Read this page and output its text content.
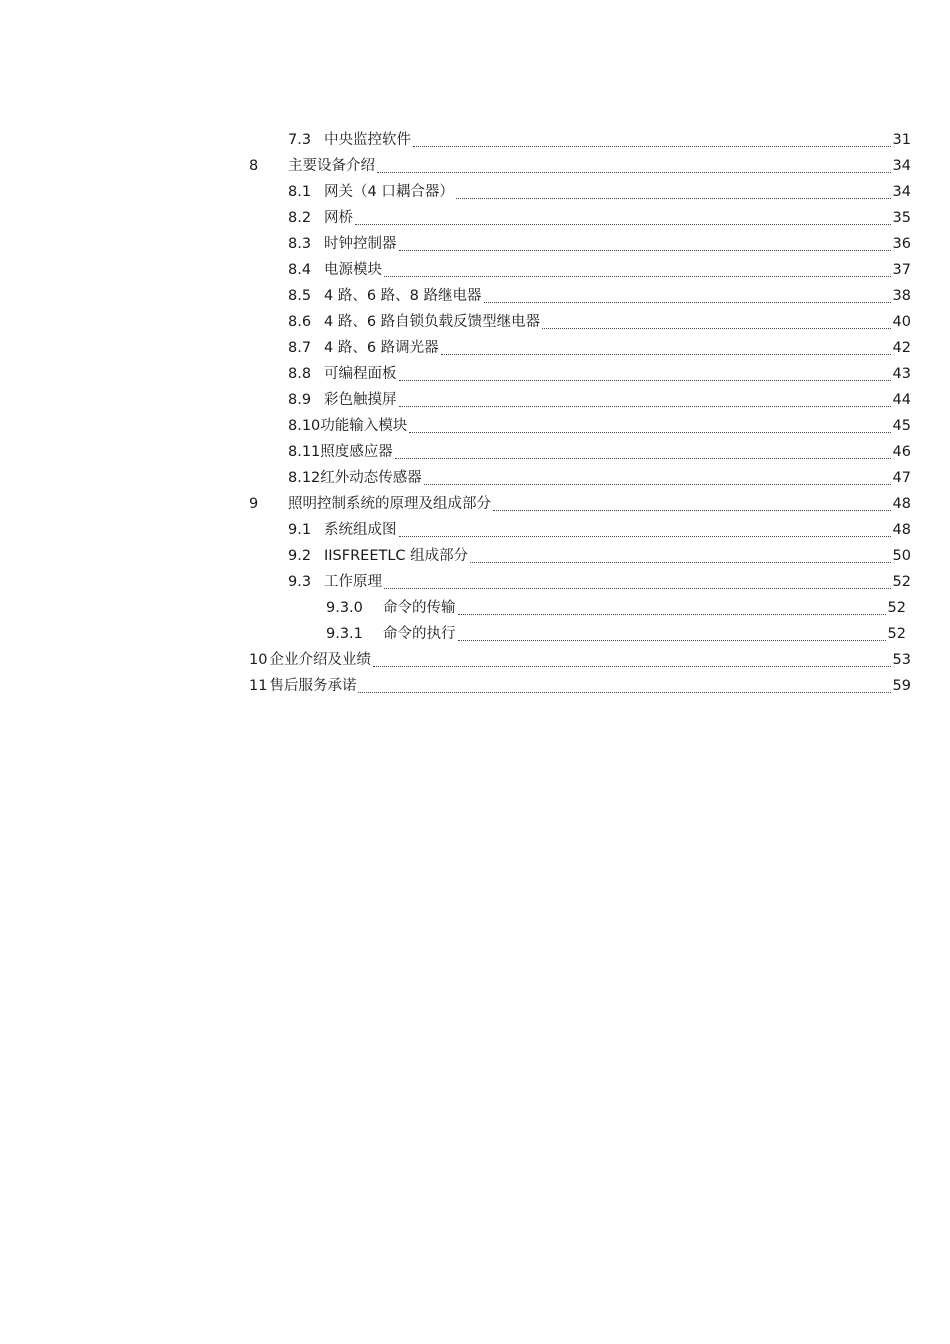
7.3 中央监控软件	31
8	主要设备介绍	34
8.1 网关（4 口耦合器）	34
8.2 网桥	35
8.3 时钟控制器	36
8.4 电源模块	37
8.5 4 路、6 路、8 路继电器	38
8.6 4 路、6 路自锁负载反馈型继电器	40
8.7 4 路、6 路调光器	42
8.8 可编程面板	43
8.9 彩色触摸屏	44
8.10 功能输入模块	45
8.11 照度感应器	46
8.12 红外动态传感器	47
9	照明控制系统的原理及组成部分	48
9.1 系统组成图	48
9.2 IISFREETLC 组成部分	50
9.3 工作原理	52
9.3.0	命令的传输	52
9.3.1	命令的执行	52
10 企业介绍及业绩	53
11 售后服务承诺	59
